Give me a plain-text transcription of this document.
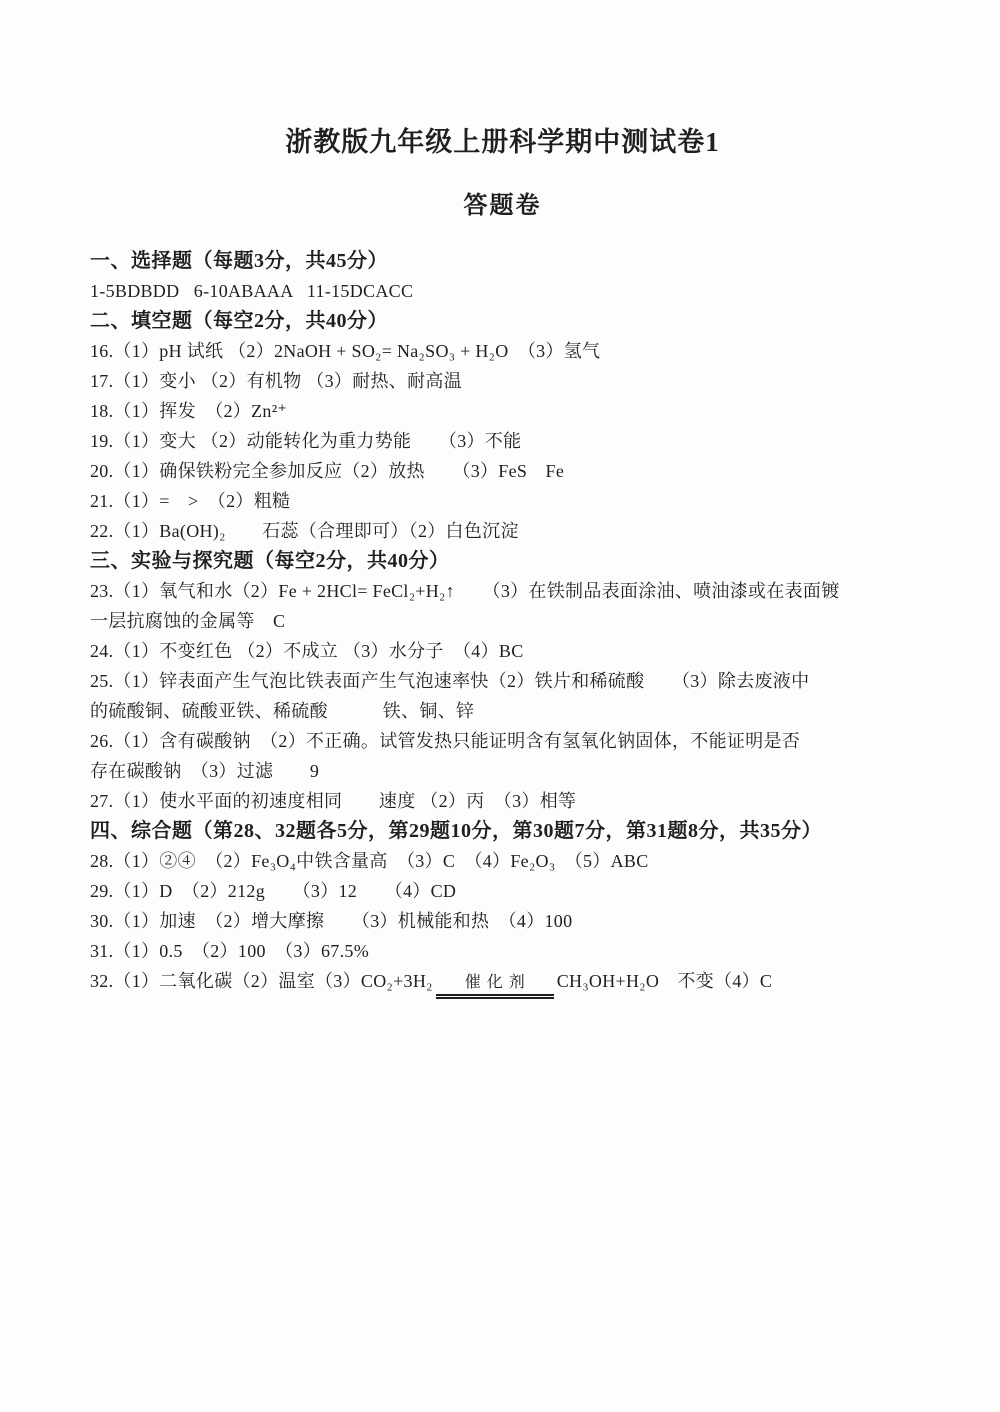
浙教版九年级上册科学期中测试卷1
答题卷

一、选择题（每题3分，共45分）

1-5BDBDD   6-10ABAAA   11-15DCACC

二、填空题（每空2分，共40分）

16.（1）pH 试纸 （2）2NaOH + SO₂= Na₂SO₃ + H₂O　（3）氢气

17.（1）变小 （2）有机物 （3）耐热、耐高温

18.（1）挥发　（2）Zn²⁺

19.（1）变大 （2）动能转化为重力势能　　（3）不能

20.（1）确保铁粉完全参加反应（2）放热　　（3）FeS　Fe

21.（1）=　>　（2）粗糙

22.（1）Ba(OH)₂　　石蕊（合理即可）（2）白色沉淀

三、实验与探究题（每空2分，共40分）

23.（1）氧气和水（2）Fe + 2HCl= FeCl₂+H₂↑　　（3）在铁制品表面涂油、喷油漆或在表面镀

一层抗腐蚀的金属等　C

24.（1）不变红色 （2）不成立 （3）水分子　（4）BC

25.（1）锌表面产生气泡比铁表面产生气泡速率快（2）铁片和稀硫酸　　（3）除去废液中

的硫酸铜、硫酸亚铁、稀硫酸　　　铁、铜、锌

26.（1）含有碳酸钠　（2）不正确。试管发热只能证明含有氢氧化钠固体，不能证明是否

存在碳酸钠　（3）过滤　　9

27.（1）使水平面的初速度相同　　速度 （2）丙　（3）相等

四、综合题（第28、32题各5分，第29题10分，第30题7分，第31题8分，共35分）

28.（1）②④　（2）Fe₃O₄中铁含量高　（3）C　（4）Fe₂O₃　（5）ABC

29.（1）D　（2）212g　　（3）12　　（4）CD

30.（1）加速　（2）增大摩擦　　（3）机械能和热　（4）100

31.（1）0.5　（2）100　（3）67.5%

32.（1）二氧化碳（2）温室（3）CO₂+3H₂	催化剂	CH₃OH+H₂O　不变（4）C
